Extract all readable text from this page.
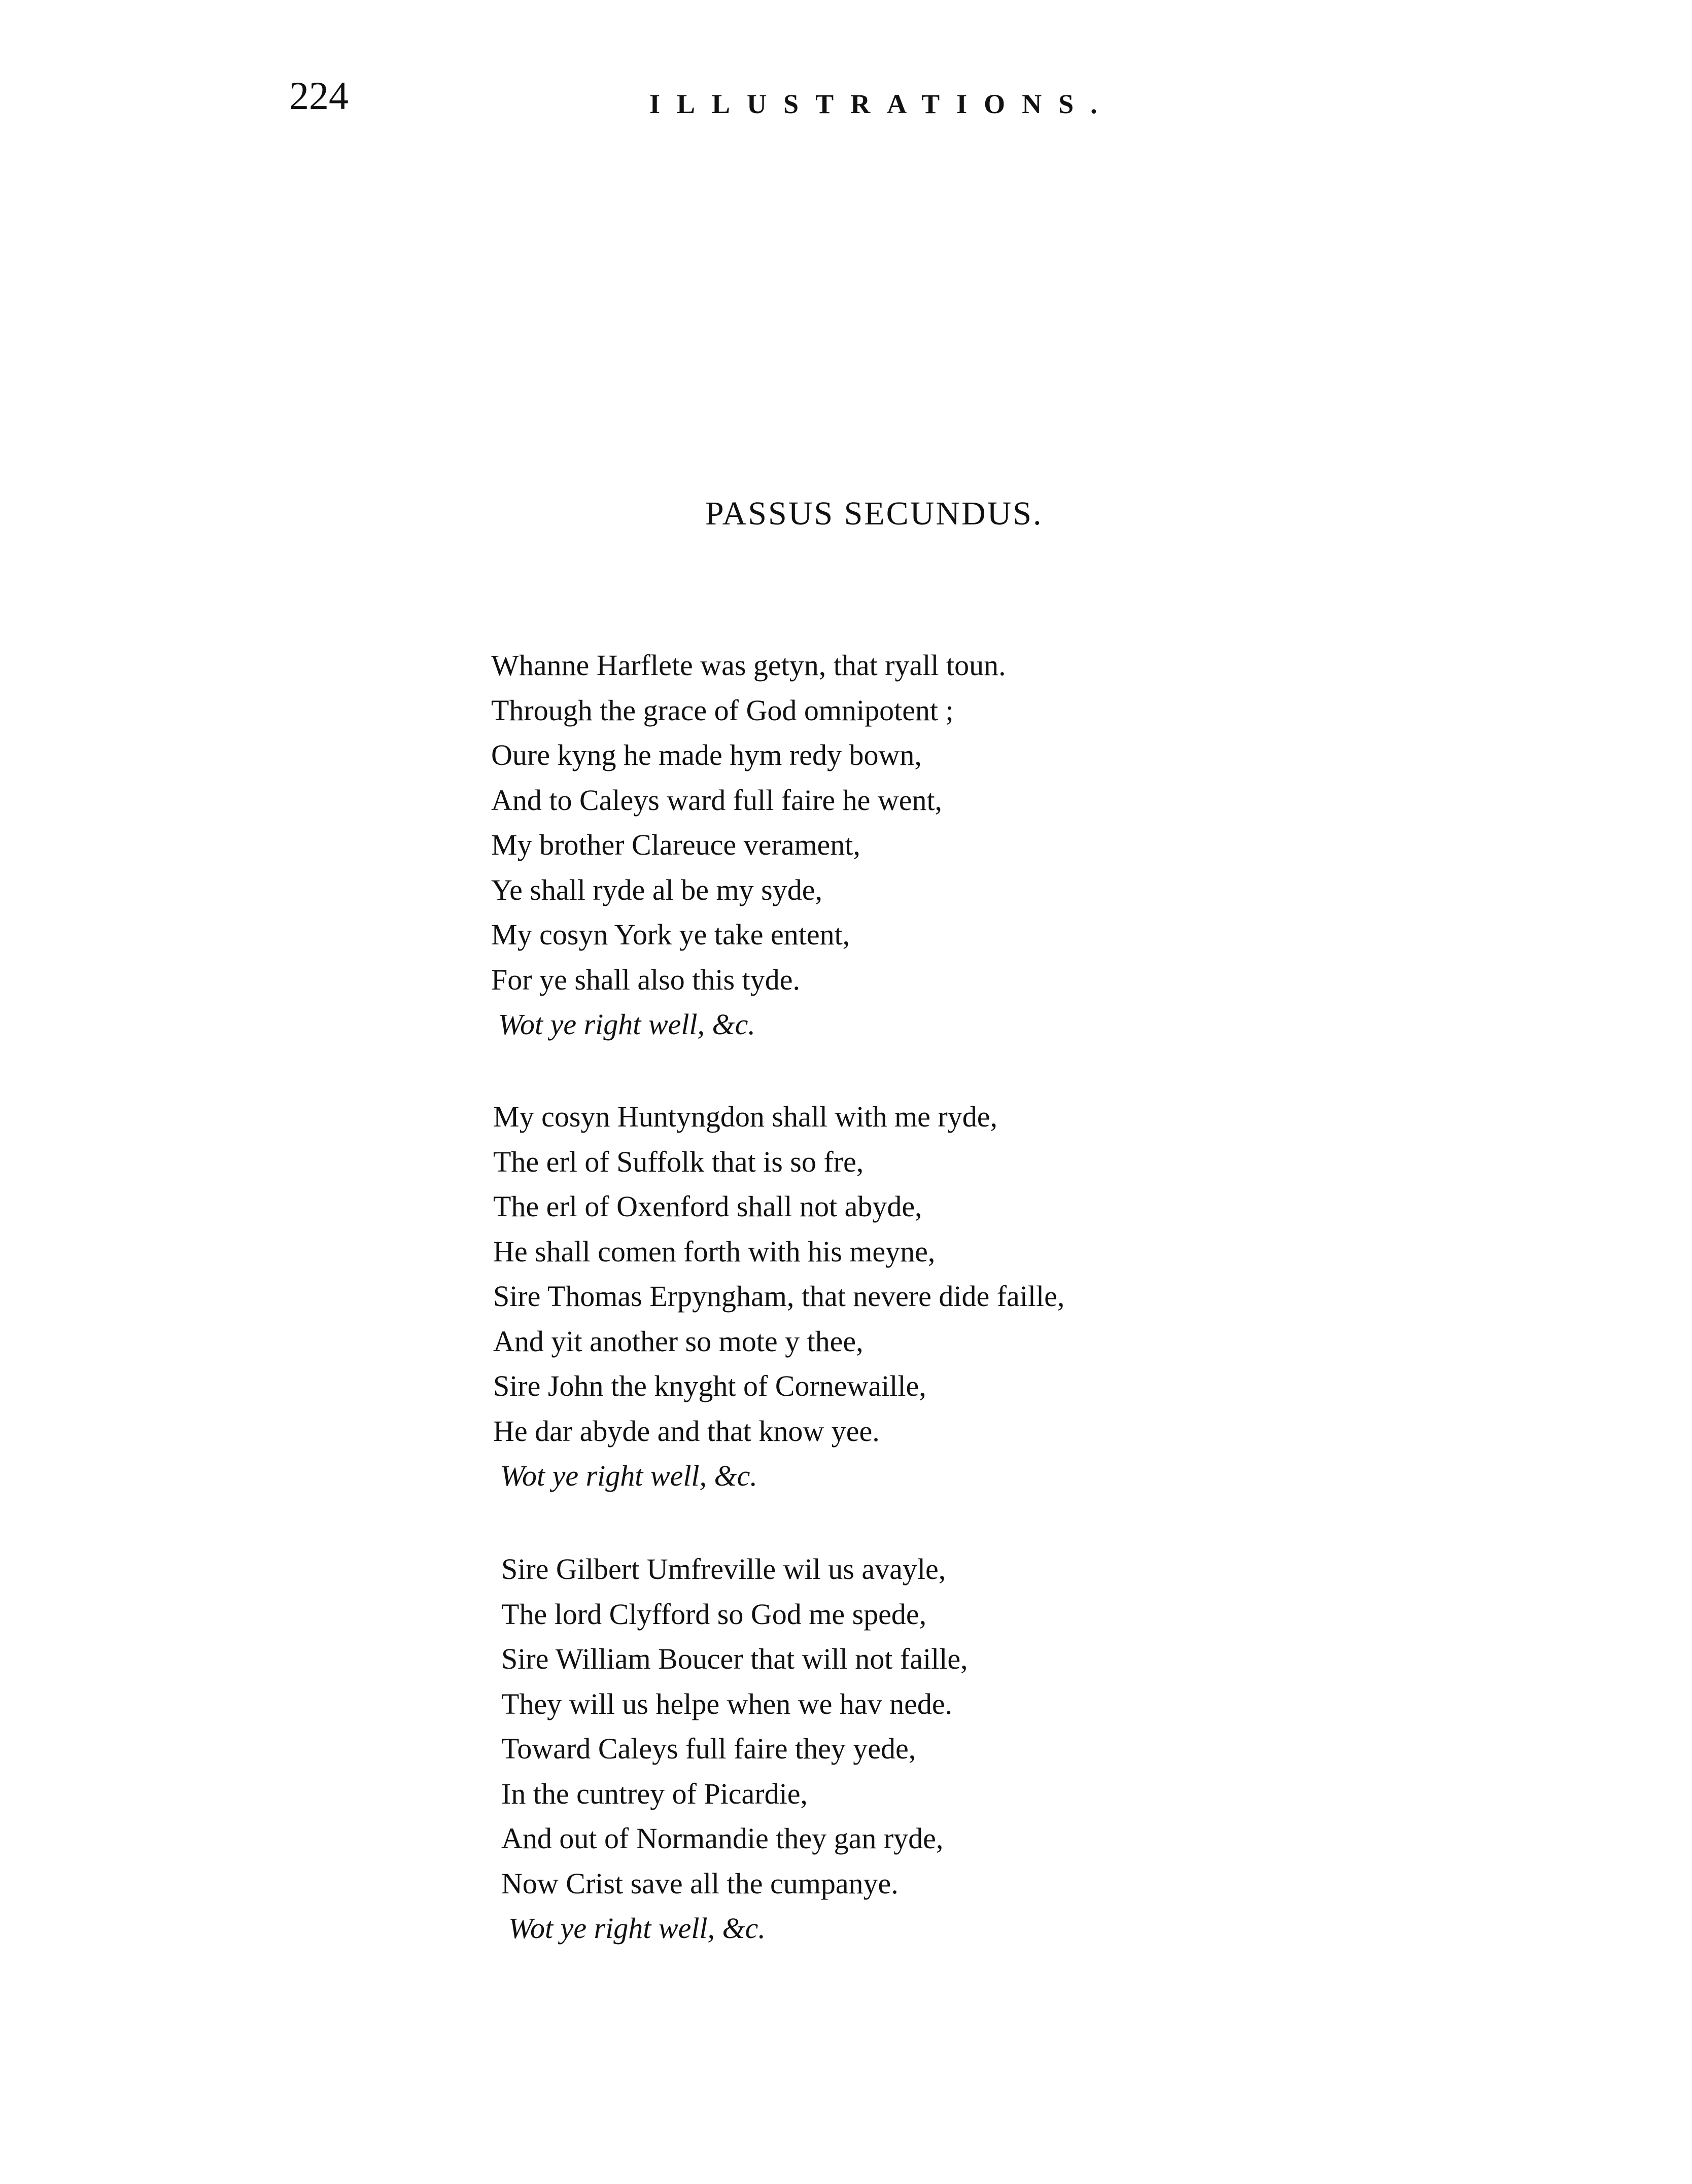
224	ILLUSTRATIONS.
PASSUS SECUNDUS.
Whanne Harflete was getyn, that ryall toun.
Through the grace of God omnipotent ;
Oure kyng he made hym redy bown,
And to Caleys ward full faire he went,
My brother Clareuce verament,
Ye shall ryde al be my syde,
My cosyn York ye take entent,
For ye shall also this tyde.
Wot ye right well, &c.
My cosyn Huntyngdon shall with me ryde,
The erl of Suffolk that is so fre,
The erl of Oxenford shall not abyde,
He shall comen forth with his meyne,
Sire Thomas Erpyngham, that nevere dide faille,
And yit another so mote y thee,
Sire John the knyght of Cornewaille,
He dar abyde and that know yee.
Wot ye right well, &c.
Sire Gilbert Umfreville wil us avayle,
The lord Clyfford so God me spede,
Sire William Boucer that will not faille,
They will us helpe when we hav nede.
Toward Caleys full faire they yede,
In the cuntrey of Picardie,
And out of Normandie they gan ryde,
Now Crist save all the cumpanye.
Wot ye right well, &c.
